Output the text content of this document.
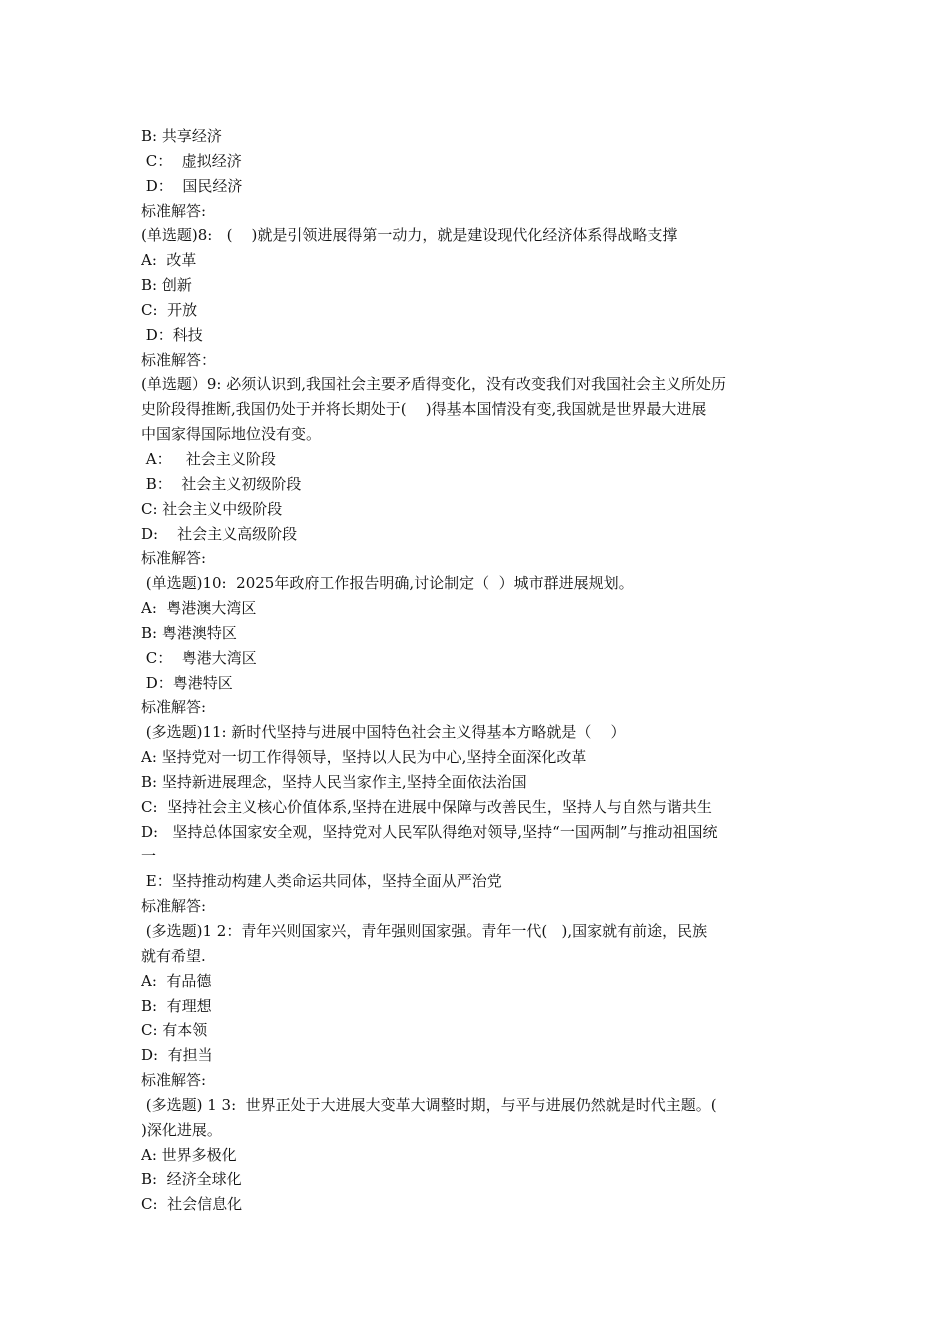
B: 共享经济
C：  虚拟经济
D：  国民经济
标准解答:
(单选题)8:   (    )就是引领进展得第一动力，就是建设现代化经济体系得战略支撑
A:  改革
B: 创新
C:  开放
D：科技
标准解答：
(单选题）9: 必须认识到,我国社会主要矛盾得变化，没有改变我们对我国社会主义所处历
史阶段得推断,我国仍处于并将长期处于(    )得基本国情没有变,我国就是世界最大进展
中国家得国际地位没有变。
A：   社会主义阶段
B：  社会主义初级阶段
C: 社会主义中级阶段
D:    社会主义高级阶段
标准解答:
(单选题)10:  2025年政府工作报告明确,讨论制定（  ）城市群进展规划。
A:  粤港澳大湾区
B: 粤港澳特区
C：  粤港大湾区
D：粤港特区
标准解答:
(多选题)11: 新时代坚持与进展中国特色社会主义得基本方略就是（    ）
A: 坚持党对一切工作得领导，坚持以人民为中心,坚持全面深化改革
B: 坚持新进展理念，坚持人民当家作主,坚持全面依法治国
C:  坚持社会主义核心价值体系,坚持在进展中保障与改善民生，坚持人与自然与谐共生
D:   坚持总体国家安全观，坚持党对人民军队得绝对领导,坚持“一国两制”与推动祖国统
一
E：坚持推动构建人类命运共同体，坚持全面从严治党
标准解答:
(多选题)1 2：青年兴则国家兴，青年强则国家强。青年一代(   ),国家就有前途，民族
就有希望.
A:  有品德
B:  有理想
C: 有本领
D:  有担当
标准解答:
(多选题) 1 3:  世界正处于大进展大变革大调整时期，与平与进展仍然就是时代主题。(
)深化进展。
A: 世界多极化
B:  经济全球化
C:  社会信息化
